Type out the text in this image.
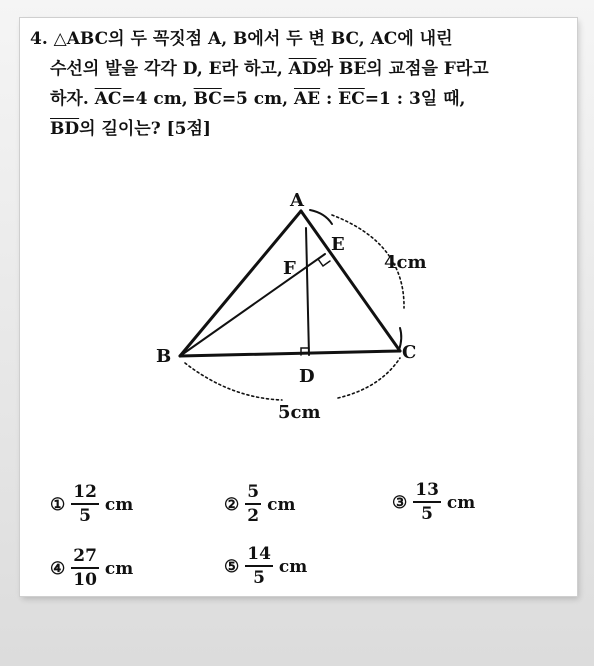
4. △ABC의 두 꼭짓점 A, B에서 두 변 BC, AC에 내린
수선의 발을 각각 D, E라 하고, $\overline{AD}$와 $\overline{BE}$의 교점을 F라고
하자. $\overline{AC}=4$ cm, $\overline{BC}=5$ cm, $\overline{AE}$ : $\overline{EC}=1$ : 3일 때,
$\overline{BD}$의 길이는? [5점]
A
B	C
D
E
F	4cm
5cm
① $\frac{12}{5}$ cm	② $\frac{5}{2}$ cm	③ $\frac{13}{5}$ cm
④ $\frac{27}{10}$ cm	⑤ $\frac{14}{5}$ cm
